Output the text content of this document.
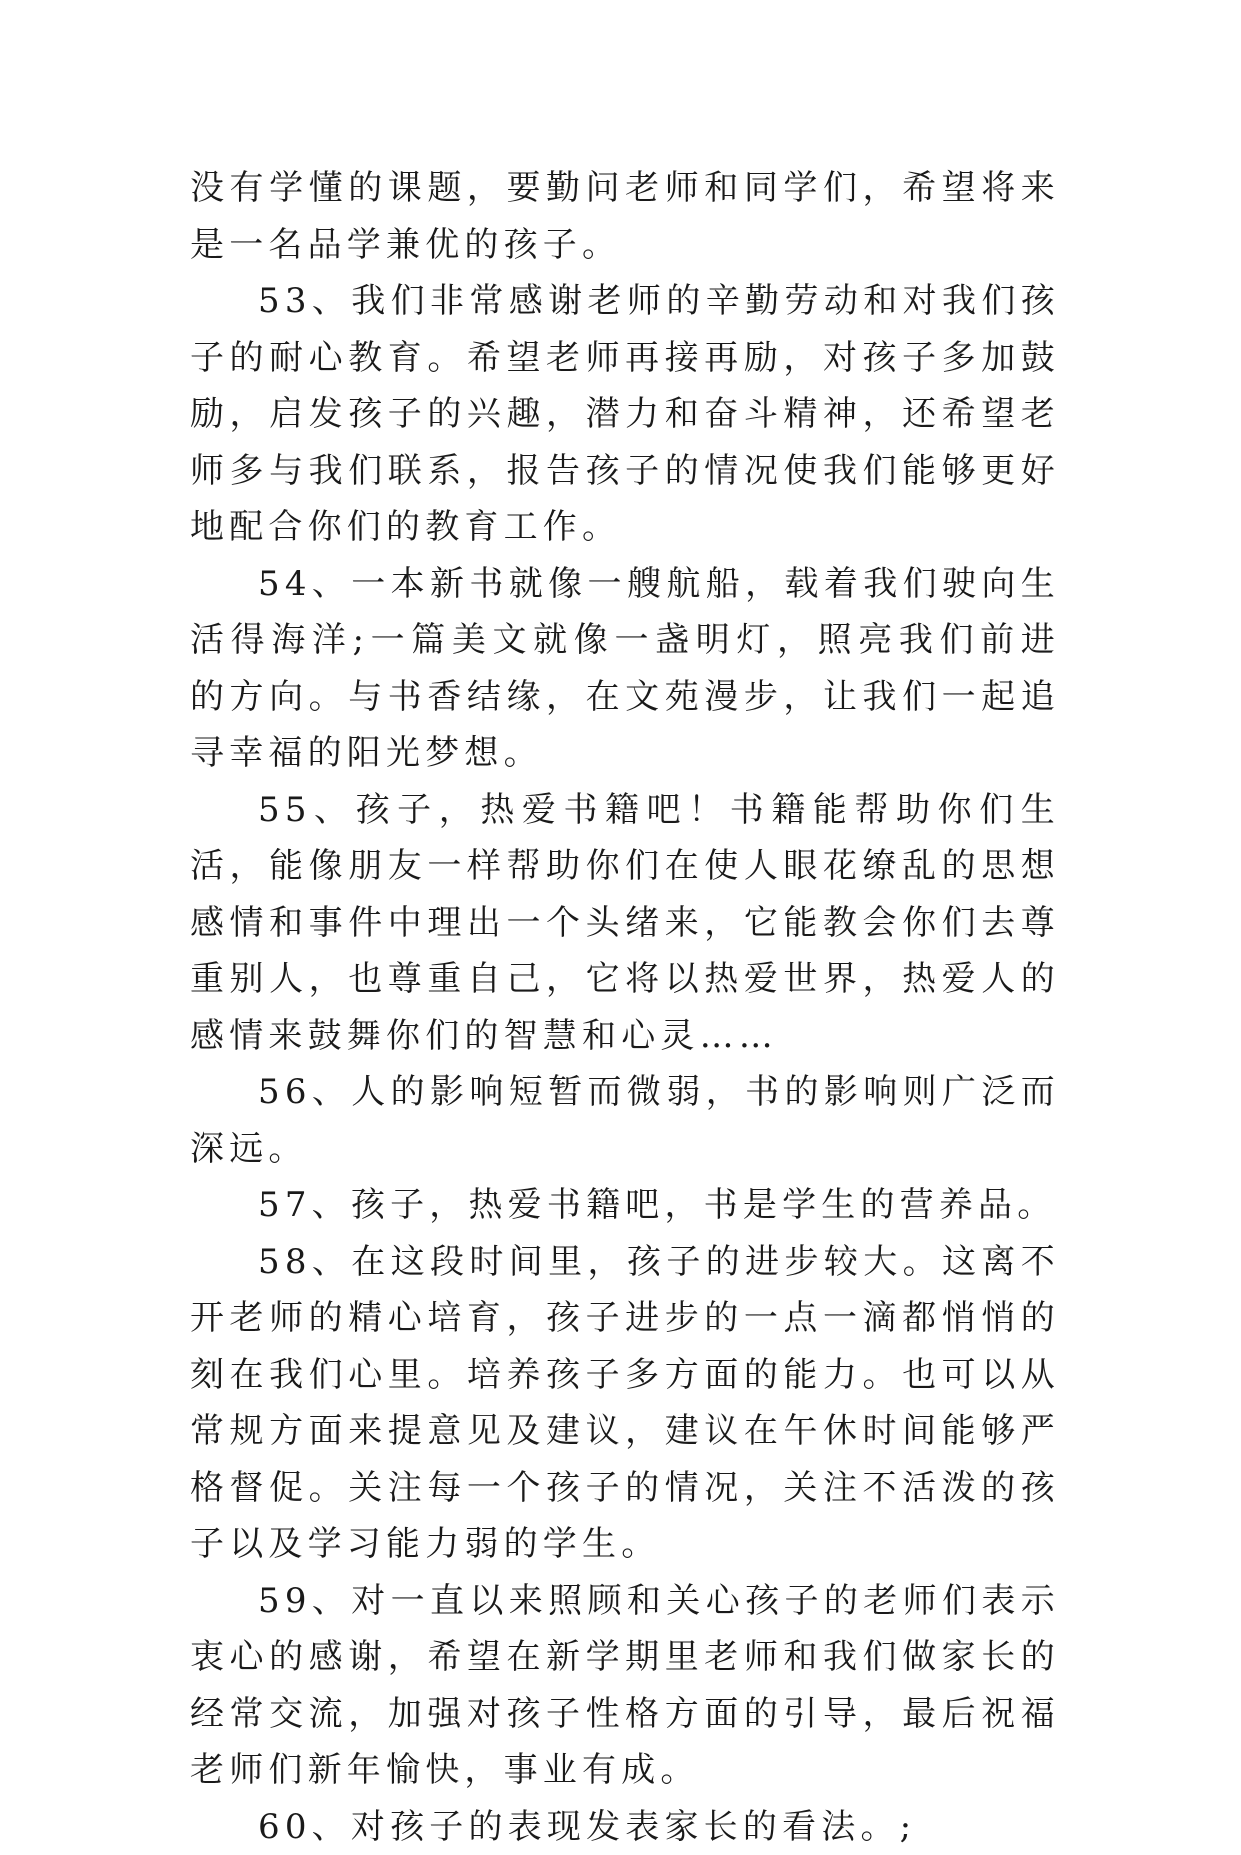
没有学懂的课题，要勤问老师和同学们，希望将来是一名品学兼优的孩子。

53、我们非常感谢老师的辛勤劳动和对我们孩子的耐心教育。希望老师再接再励，对孩子多加鼓励，启发孩子的兴趣，潜力和奋斗精神，还希望老师多与我们联系，报告孩子的情况使我们能够更好地配合你们的教育工作。

54、一本新书就像一艘航船，载着我们驶向生活得海洋;一篇美文就像一盏明灯，照亮我们前进的方向。与书香结缘，在文苑漫步，让我们一起追寻幸福的阳光梦想。

55、孩子，热爱书籍吧！书籍能帮助你们生活，能像朋友一样帮助你们在使人眼花缭乱的思想感情和事件中理出一个头绪来，它能教会你们去尊重别人，也尊重自己，它将以热爱世界，热爱人的感情来鼓舞你们的智慧和心灵……

56、人的影响短暂而微弱，书的影响则广泛而深远。

57、孩子，热爱书籍吧，书是学生的营养品。

58、在这段时间里，孩子的进步较大。这离不开老师的精心培育，孩子进步的一点一滴都悄悄的刻在我们心里。培养孩子多方面的能力。也可以从常规方面来提意见及建议，建议在午休时间能够严格督促。关注每一个孩子的情况，关注不活泼的孩子以及学习能力弱的学生。

59、对一直以来照顾和关心孩子的老师们表示衷心的感谢，希望在新学期里老师和我们做家长的经常交流，加强对孩子性格方面的引导，最后祝福老师们新年愉快，事业有成。

60、对孩子的表现发表家长的看法。;
